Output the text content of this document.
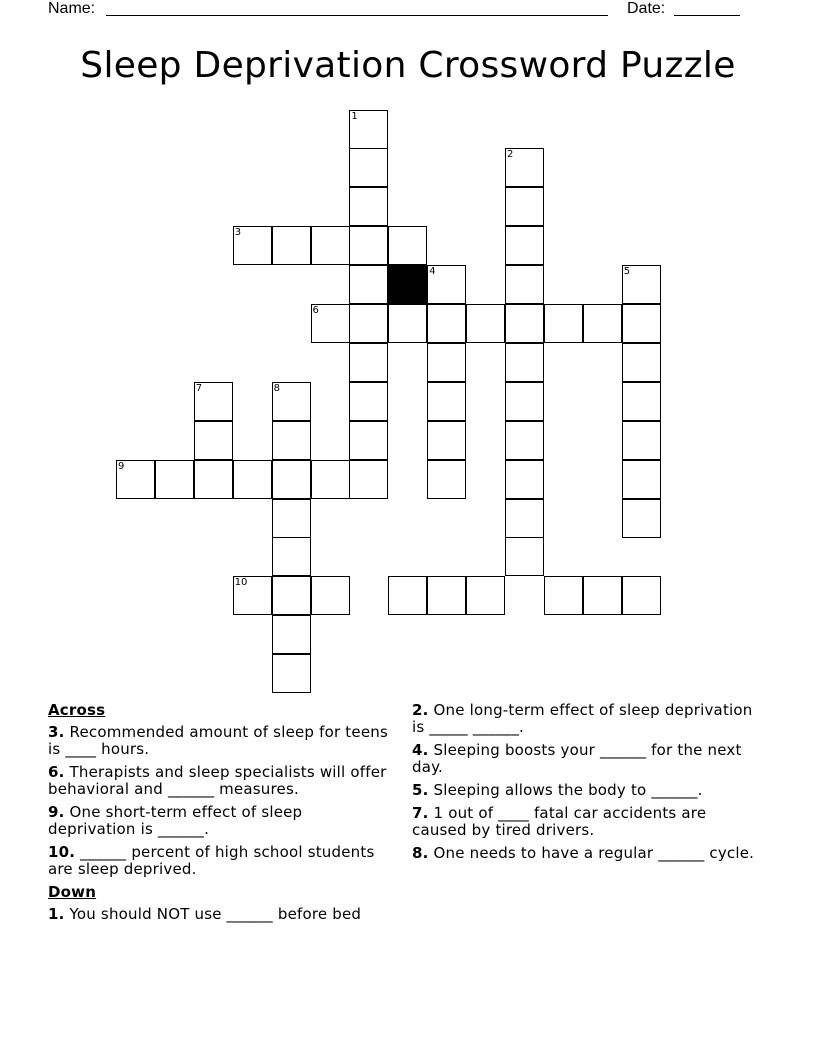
Name:	Date:
Sleep Deprivation Crossword Puzzle
1
2
3
4	5
6
7	8
9
10
Across
3. Recommended amount of sleep for teens is ____ hours.
6. Therapists and sleep specialists will offer behavioral and ______ measures.
9. One short-term effect of sleep deprivation is ______.
10. ______ percent of high school students are sleep deprived.
Down
1. You should NOT use ______ before bed
2. One long-term effect of sleep deprivation is _____ ______.
4. Sleeping boosts your ______ for the next day.
5. Sleeping allows the body to ______.
7. 1 out of ____ fatal car accidents are caused by tired drivers.
8. One needs to have a regular ______ cycle.
